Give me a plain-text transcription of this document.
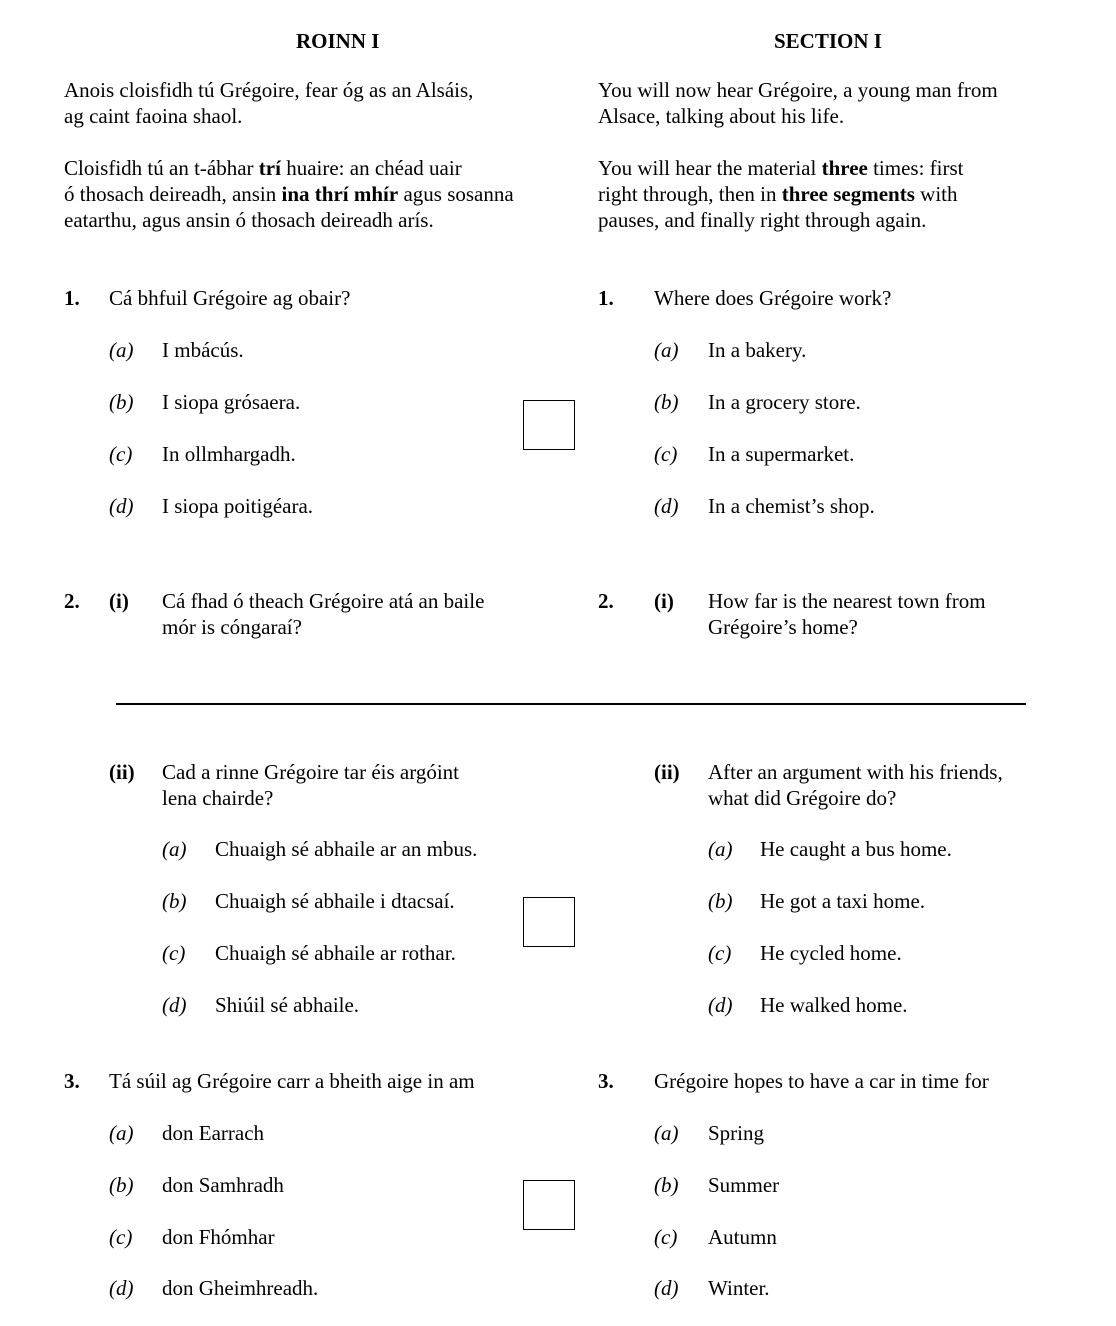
ROINN I	SECTION I
Anois cloisfidh tú Grégoire, fear óg as an Alsáis,
ag caint faoina shaol.
You will now hear Grégoire, a young man from
Alsace, talking about his life.
Cloisfidh tú an t-ábhar trí huaire: an chéad uair
ó thosach deireadh, ansin ina thrí mhír agus sosanna
eatarthu, agus ansin ó thosach deireadh arís.
You will hear the material three times: first
right through, then in three segments with
pauses, and finally right through again.
1. Cá bhfuil Grégoire ag obair?	1. Where does Grégoire work?
(a) I mbácús.	(a) In a bakery.
(b) I siopa grósaera.	(b) In a grocery store.
(c) In ollmhargadh.	(c) In a supermarket.
(d) I siopa poitigéara.	(d) In a chemist’s shop.
2. (i) Cá fhad ó theach Grégoire atá an baile
mór is cóngaraí?
2. (i) How far is the nearest town from
Grégoire’s home?
(ii) Cad a rinne Grégoire tar éis argóint
lena chairde?
(ii) After an argument with his friends,
what did Grégoire do?
(a) Chuaigh sé abhaile ar an mbus.	(a) He caught a bus home.
(b) Chuaigh sé abhaile i dtacsaí.	(b) He got a taxi home.
(c) Chuaigh sé abhaile ar rothar.	(c) He cycled home.
(d) Shiúil sé abhaile.	(d) He walked home.
3. Tá súil ag Grégoire carr a bheith aige in am	3. Grégoire hopes to have a car in time for
(a) don Earrach	(a) Spring
(b) don Samhradh	(b) Summer
(c) don Fhómhar	(c) Autumn
(d) don Gheimhreadh.	(d) Winter.
